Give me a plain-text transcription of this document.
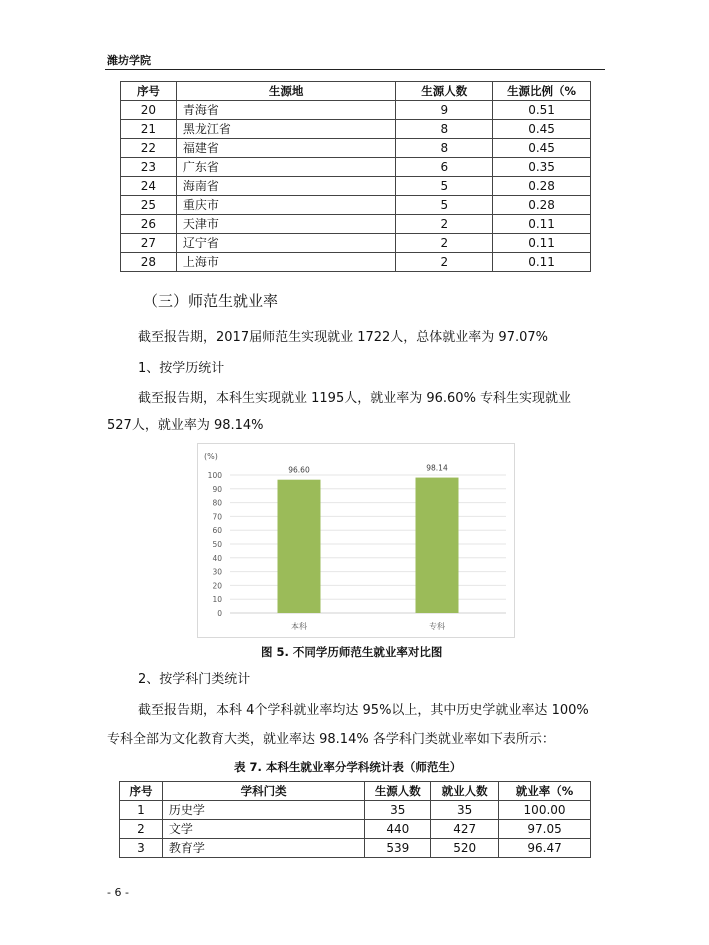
潍坊学院
序号	生源地	生源人数	生源比例（%
20	青海省	9	0.51
21	黑龙江省	8	0.45
22	福建省	8	0.45
23	广东省	6	0.35
24	海南省	5	0.28
25	重庆市	5	0.28
26	天津市	2	0.11
27	辽宁省	2	0.11
28	上海市	2	0.11
（三）师范生就业率
截至报告期，2017届师范生实现就业 1722人，总体就业率为 97.07%
1、按学历统计
截至报告期，本科生实现就业 1195人，就业率为 96.60% 专科生实现就业
527人，就业率为 98.14%
(%)
0
10
20
30
40
50
60
70
80
90
100
96.60
本科
98.14
专科
图 5. 不同学历师范生就业率对比图
2、按学科门类统计
截至报告期，本科 4个学科就业率均达 95%以上，其中历史学就业率达 100%
专科全部为文化教育大类，就业率达 98.14% 各学科门类就业率如下表所示：
表 7. 本科生就业率分学科统计表（师范生）
序号	学科门类	生源人数	就业人数	就业率（%
1	历史学	35	35	100.00
2	文学	440	427	97.05
3	教育学	539	520	96.47
- 6 -
